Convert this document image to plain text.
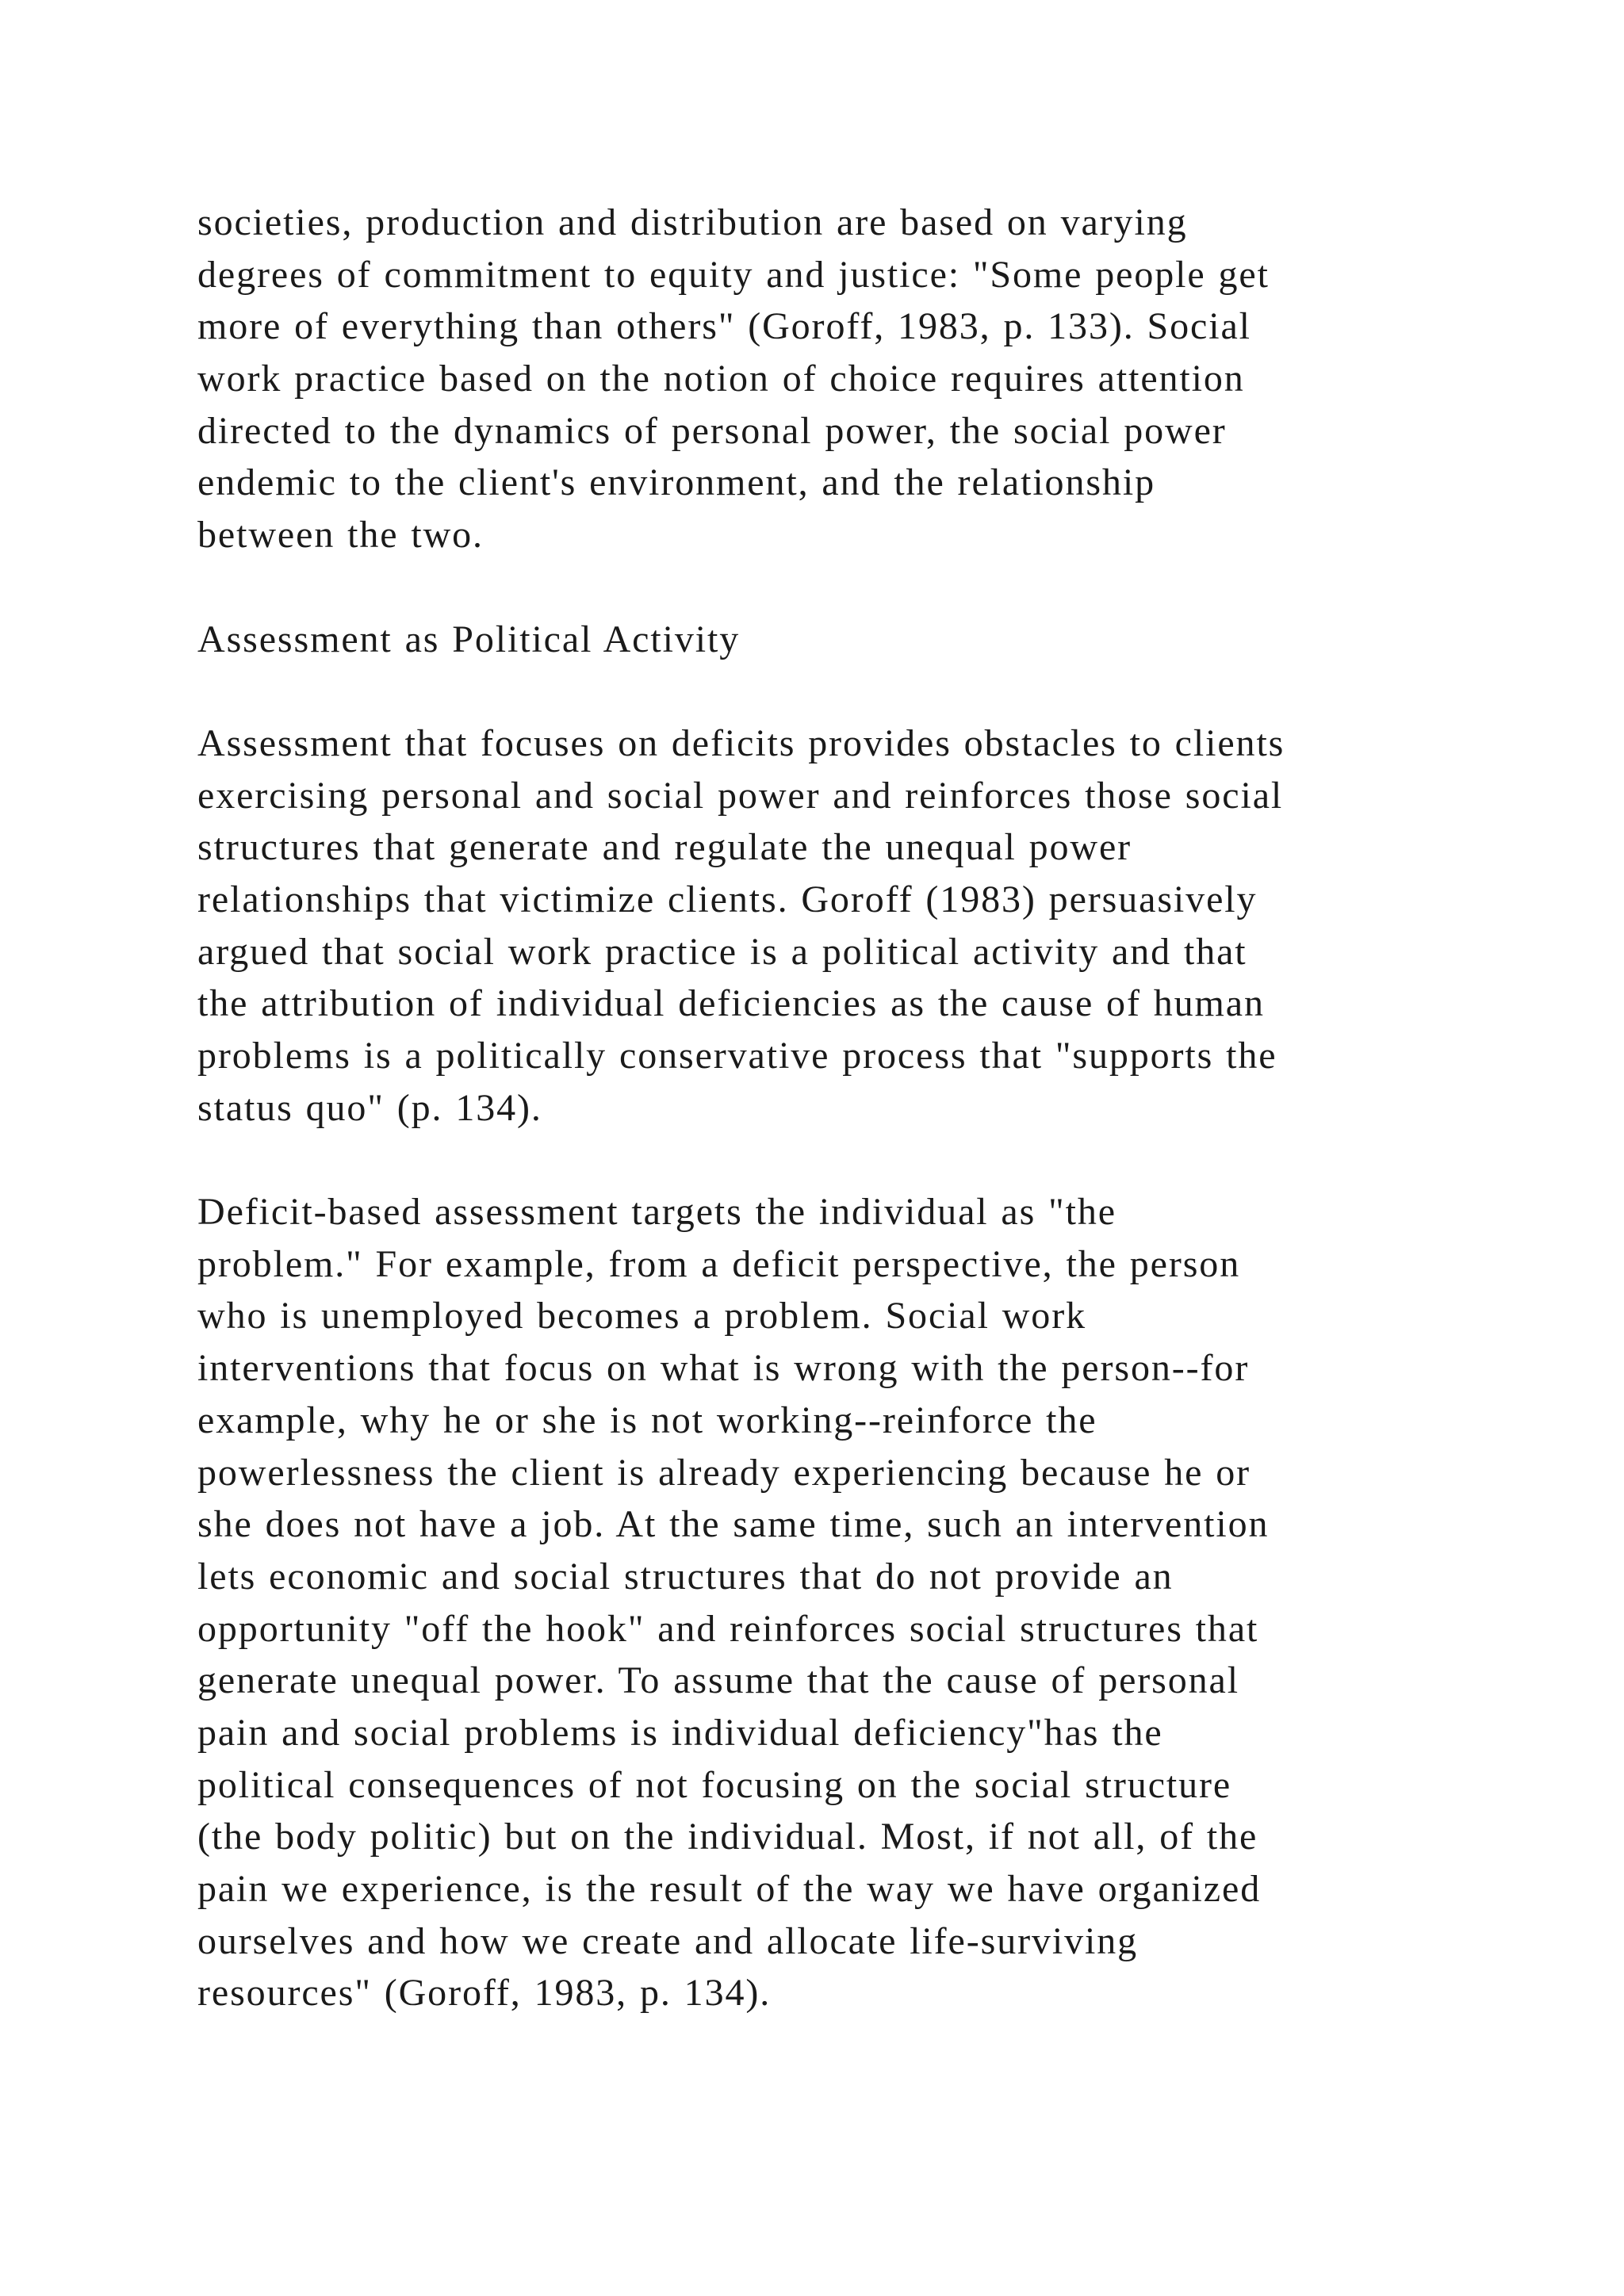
societies, production and distribution are based on varying
degrees of commitment to equity and justice: "Some people get
more of everything than others" (Goroff, 1983, p. 133). Social
work practice based on the notion of choice requires attention
directed to the dynamics of personal power, the social power
endemic to the client's environment, and the relationship
between the two.
Assessment as Political Activity
Assessment that focuses on deficits provides obstacles to clients
exercising personal and social power and reinforces those social
structures that generate and regulate the unequal power
relationships that victimize clients. Goroff (1983) persuasively
argued that social work practice is a political activity and that
the attribution of individual deficiencies as the cause of human
problems is a politically conservative process that "supports the
status quo" (p. 134).
Deficit-based assessment targets the individual as "the
problem." For example, from a deficit perspective, the person
who is unemployed becomes a problem. Social work
interventions that focus on what is wrong with the person--for
example, why he or she is not working--reinforce the
powerlessness the client is already experiencing because he or
she does not have a job. At the same time, such an intervention
lets economic and social structures that do not provide an
opportunity "off the hook" and reinforces social structures that
generate unequal power. To assume that the cause of personal
pain and social problems is individual deficiency"has the
political consequences of not focusing on the social structure
(the body politic) but on the individual. Most, if not all, of the
pain we experience, is the result of the way we have organized
ourselves and how we create and allocate life-surviving
resources" (Goroff, 1983, p. 134).
